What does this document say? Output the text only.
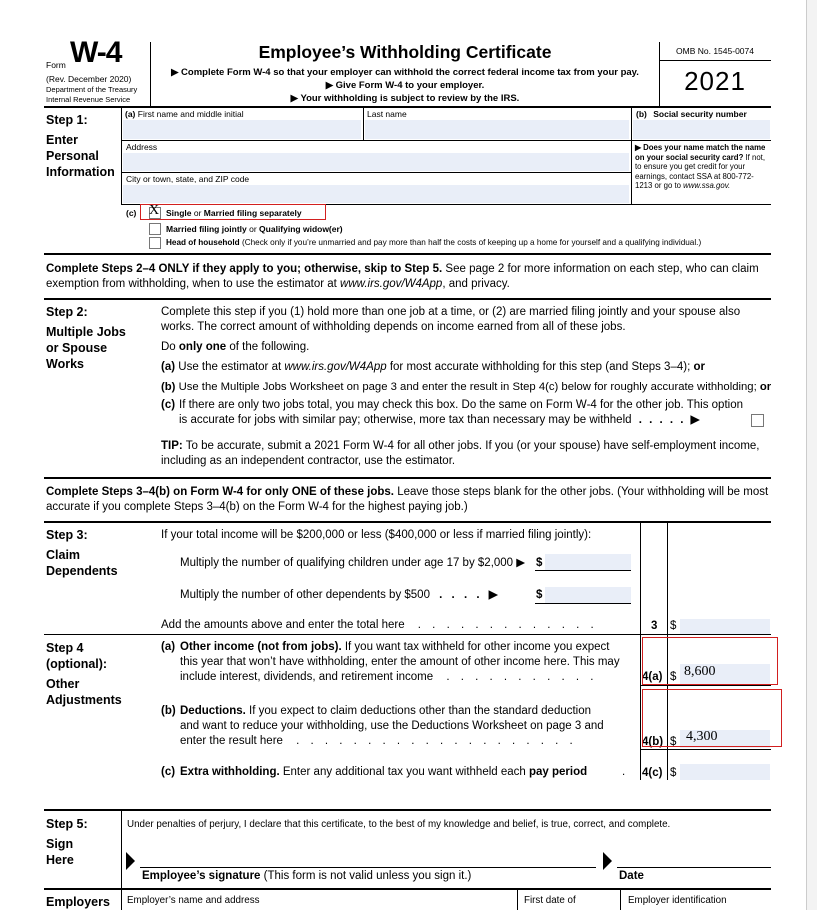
Form W-4
(Rev. December 2020)
Department of the Treasury
Internal Revenue Service
Employee’s Withholding Certificate
▶ Complete Form W-4 so that your employer can withhold the correct federal income tax from your pay.
▶ Give Form W-4 to your employer.
▶ Your withholding is subject to review by the IRS.
OMB No. 1545-0074
2021
Step 1:
Enter
Personal
Information
(a) First name and middle initial	Last name	(b) Social security number
Address
City or town, state, and ZIP code
▶ Does your name match the name on your social security card? If not, to ensure you get credit for your earnings, contact SSA at 800-772-1213 or go to www.ssa.gov.
(c) X Single or Married filing separately
Married filing jointly or Qualifying widow(er)
Head of household (Check only if you’re unmarried and pay more than half the costs of keeping up a home for yourself and a qualifying individual.)
Complete Steps 2–4 ONLY if they apply to you; otherwise, skip to Step 5. See page 2 for more information on each step, who can claim exemption from withholding, when to use the estimator at www.irs.gov/W4App, and privacy.
Step 2:
Multiple Jobs
or Spouse
Works
Complete this step if you (1) hold more than one job at a time, or (2) are married filing jointly and your spouse also works. The correct amount of withholding depends on income earned from all of these jobs.
Do only one of the following.
(a) Use the estimator at www.irs.gov/W4App for most accurate withholding for this step (and Steps 3–4); or
(b) Use the Multiple Jobs Worksheet on page 3 and enter the result in Step 4(c) below for roughly accurate withholding; or
(c) If there are only two jobs total, you may check this box. Do the same on Form W-4 for the other job. This option
is accurate for jobs with similar pay; otherwise, more tax than necessary may be withheld . . . . . ▶
TIP: To be accurate, submit a 2021 Form W-4 for all other jobs. If you (or your spouse) have self-employment income, including as an independent contractor, use the estimator.
Complete Steps 3–4(b) on Form W-4 for only ONE of these jobs. Leave those steps blank for the other jobs. (Your withholding will be most accurate if you complete Steps 3–4(b) on the Form W-4 for the highest paying job.)
Step 3:
Claim
Dependents
If your total income will be $200,000 or less ($400,000 or less if married filing jointly):
Multiply the number of qualifying children under age 17 by $2,000 ▶ $
Multiply the number of other dependents by $500 . . . . ▶	$
Add the amounts above and enter the total here . . . . . . . . . . . . .	3 $
Step 4
(optional):
Other
Adjustments
(a) Other income (not from jobs). If you want tax withheld for other income you expect
this year that won’t have withholding, enter the amount of other income here. This may
include interest, dividends, and retirement income . . . . . . . . . . .	4(a) $ 8,600
(b) Deductions. If you expect to claim deductions other than the standard deduction
and want to reduce your withholding, use the Deductions Worksheet on page 3 and
enter the result here . . . . . . . . . . . . . . . . . . . .	4(b) $ 4,300
(c) Extra withholding. Enter any additional tax you want withheld each pay period	. 4(c) $
Step 5:
Sign
Here
Under penalties of perjury, I declare that this certificate, to the best of my knowledge and belief, is true, correct, and complete.
Employee’s signature (This form is not valid unless you sign it.)	Date
Employers Employer’s name and address	First date of	Employer identification
